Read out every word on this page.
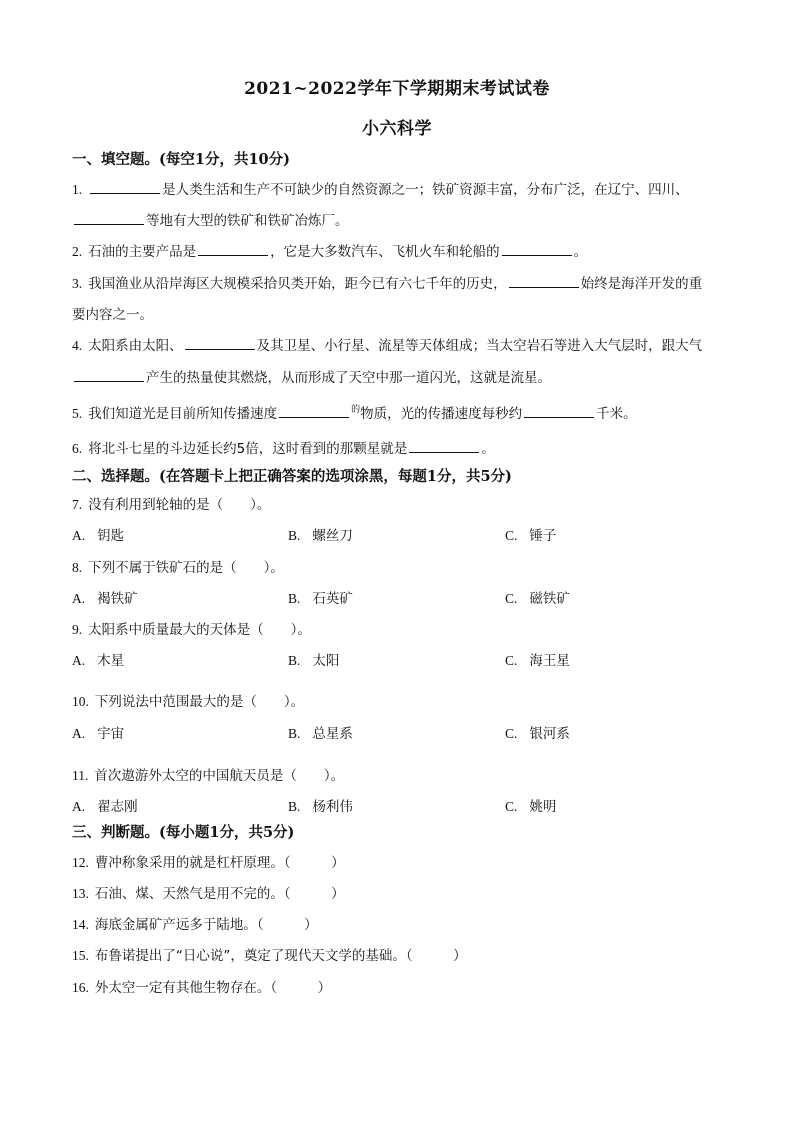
2021~2022学年下学期期末考试试卷
小六科学
一、填空题。(每空1分，共10分)
1.	是人类生活和生产不可缺少的自然资源之一；铁矿资源丰富，分布广泛，在辽宁、四川、
等地有大型的铁矿和铁矿冶炼厂。
2. 石油的主要产品是	，它是大多数汽车、飞机火车和轮船的	。
3. 我国渔业从沿岸海区大规模采拾贝类开始，距今已有六七千年的历史，	始终是海洋开发的重
要内容之一。
4. 太阳系由太阳、	及其卫星、小行星、流星等天体组成；当太空岩石等进入大气层时，跟大气
产生的热量使其燃烧，从而形成了天空中那一道闪光，这就是流星。
5. 我们知道光是目前所知传播速度	$^的$物质，光的传播速度每秒约	千米。
6. 将北斗七星的斗边延长约5倍，这时看到的那颗星就是	。
二、选择题。(在答题卡上把正确答案的选项涂黑，每题1分，共5分)
7. 没有利用到轮轴的是（　　）。
A. 钥匙	B. 螺丝刀	C. 锤子
8. 下列不属于铁矿石的是（　　）。
A. 褐铁矿	B. 石英矿	C. 磁铁矿
9. 太阳系中质量最大的天体是（　　）。
A. 木星	B. 太阳	C. 海王星
10. 下列说法中范围最大的是（　　）。
A. 宇宙	B. 总星系	C. 银河系
11. 首次遨游外太空的中国航天员是（　　）。
A. 翟志刚	B. 杨利伟	C. 姚明
三、判断题。(每小题1分，共5分)
12. 曹冲称象采用的就是杠杆原理。（　　　）
13. 石油、煤、天然气是用不完的。（　　　）
14. 海底金属矿产远多于陆地。（　　　）
15. 布鲁诺提出了“日心说”，奠定了现代天文学的基础。（　　　）
16. 外太空一定有其他生物存在。（　　　）
